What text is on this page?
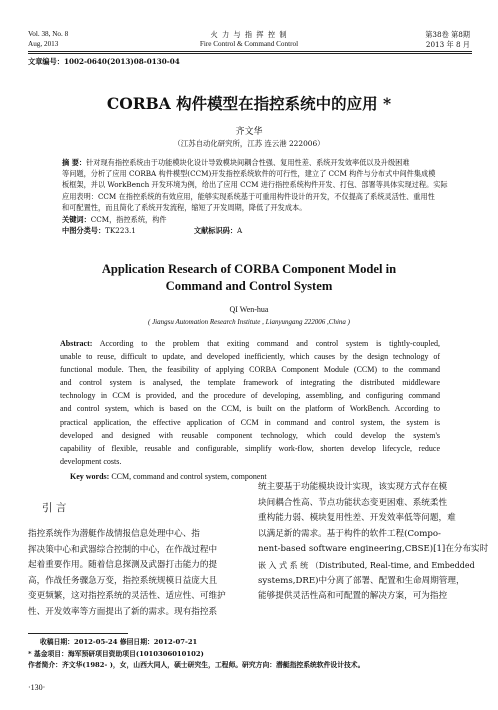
Vol. 38, No. 8
Aug, 2013
火 力 与 指 挥 控 制
Fire Control & Command Control
第38卷 第8期
2013 年 8 月
文章编号：1002-0640(2013)08-0130-04
CORBA 构件模型在指控系统中的应用 *
齐文华
（江苏自动化研究所，江苏 连云港 222006）
摘 要：针对现有指控系统由于功能模块化设计导致模块间耦合性强、复用性差、系统开发效率低以及升级困难
等问题，分析了应用 CORBA 构件模型(CCM)开发指控系统软件的可行性，建立了 CCM 构件与分布式中间件集成模
板框架，并以 WorkBench 开发环境为例，给出了应用 CCM 进行指控系统构件开发、打包、部署等具体实现过程。实际
应用表明：CCM 在指控系统的有效应用，能够实现系统基于可重用构件设计的开发，不仅提高了系统灵活性、重用性
和可配置性，而且简化了系统开发流程，缩短了开发周期，降低了开发成本。
关键词：CCM，指控系统，构件
中图分类号：TK223.1	文献标识码：A
Application Research of CORBA Component Model in
Command and Control System
QI Wen-hua
( Jiangsu Automation Research Institute , Lianyungang 222006 ,China )
Abstract: According to the problem that exiting command and control system is tightly-coupled,
unable to reuse, difficult to update, and developed inefficiently, which causes by the design technology of
functional module. Then, the feasibility of applying CORBA Component Module (CCM) to the command
and control system is analysed, the template framework of integrating the distributed middleware
technology in CCM is provided, and the procedure of developing, assembling, and configuring command
and control system, which is based on the CCM, is built on the platform of WorkBench. According to
practical application, the effective application of CCM in command and control system, the system is
developed and designed with reusable component technology, which could develop the system's
capability of flexible, reusable and configurable, simplify work-flow, shorten develop lifecycle, reduce
development costs.
Key words: CCM, command and control system, component
引 言
指控系统作为潜艇作战情报信息处理中心、指
挥决策中心和武器综合控制的中心，在作战过程中
起着重要作用。随着信息探测及武器打击能力的提
高，作战任务骤急万变，指控系统规模日益庞大且
变更频繁，这对指控系统的灵活性、适应性、可维护
性、开发效率等方面提出了新的需求。现有指控系
统主要基于功能模块设计实现，该实现方式存在模
块间耦合性高、节点功能状态变更困难、系统柔性
重构能力弱、模块复用性差、开发效率低等问题，难
以满足新的需求。基于构件的软件工程(Compo-
nent-based software engineering,CBSE)[1]在分布实时
嵌 入 式 系 统 （Distributed, Real-time, and Embedded
systems,DRE)中分离了部署、配置和生命周期管理，
能够提供灵活性高和可配置的解决方案，可为指控
收稿日期：2012-05-24 修回日期：2012-07-21
* 基金项目：海军预研项目资助项目(1010306010102)
作者简介：齐文华(1982- )，女，山西大同人，硕士研究生，工程师。研究方向：潜艇指控系统软件设计技术。
·130·
